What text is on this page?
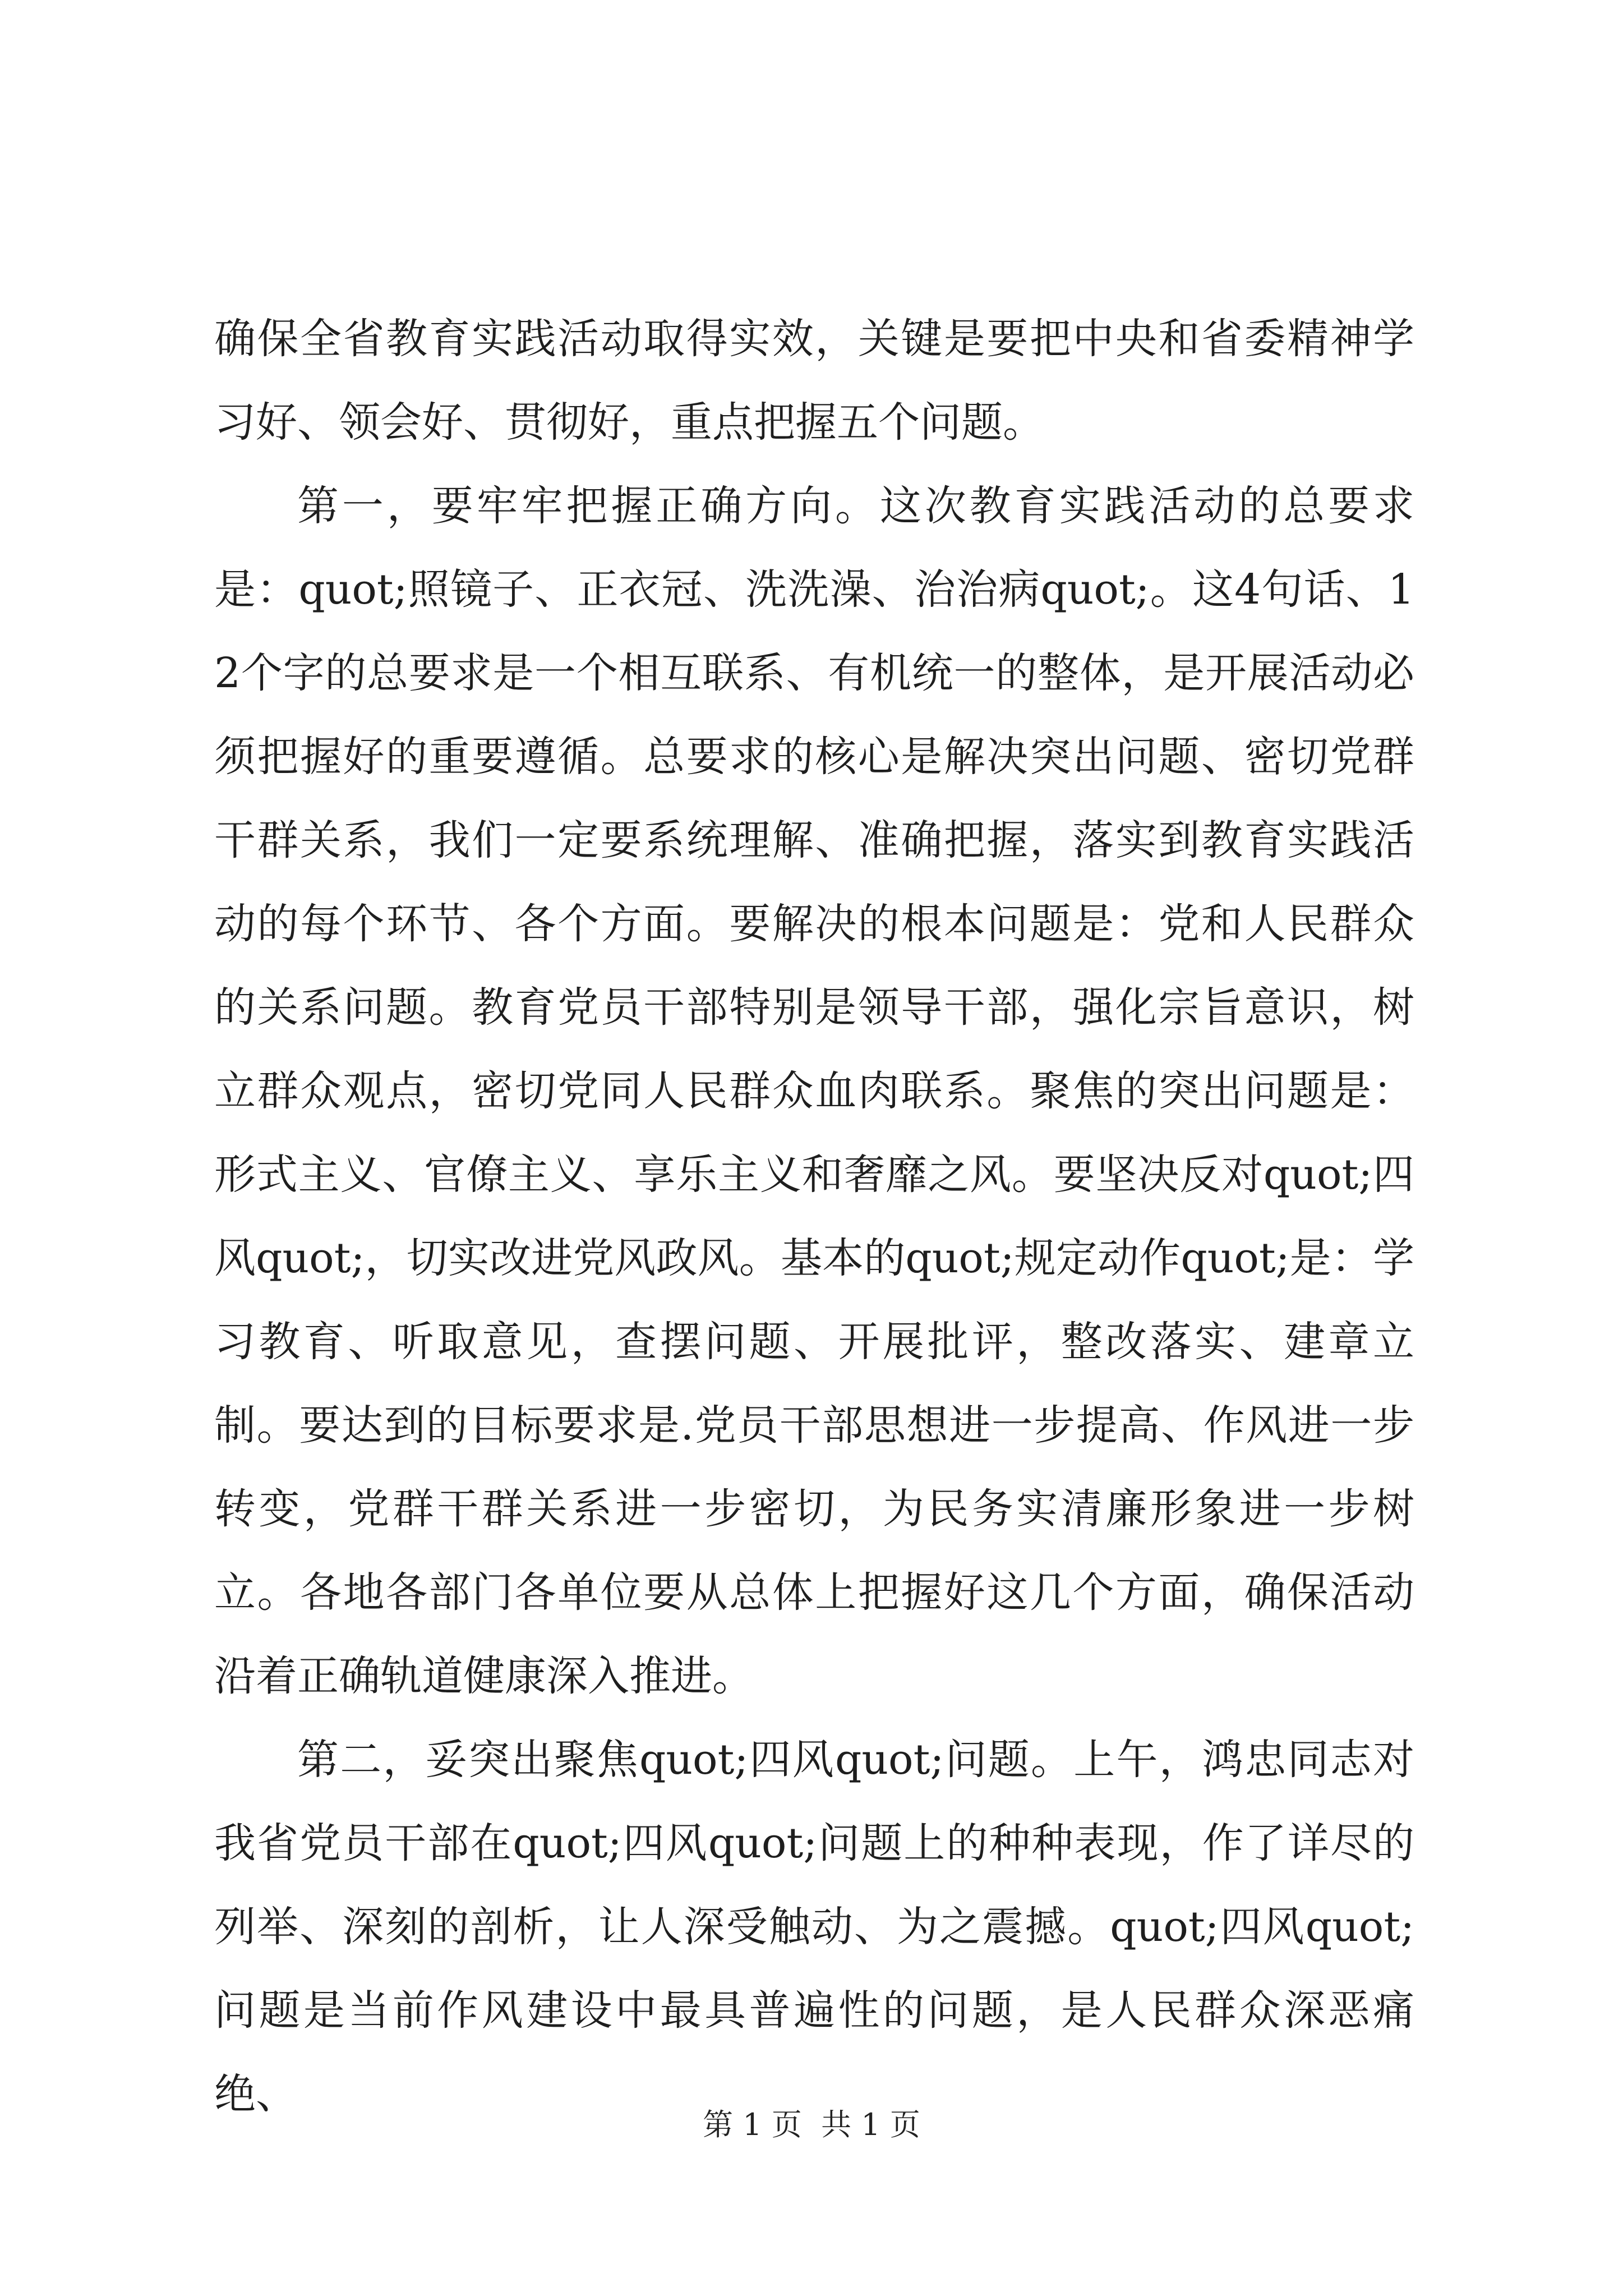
确保全省教育实践活动取得实效，关键是要把中央和省委精神学习好、领会好、贯彻好，重点把握五个问题。

第一，要牢牢把握正确方向。这次教育实践活动的总要求是：quot;照镜子、正衣冠、洗洗澡、治治病quot;。这4句话、12个字的总要求是一个相互联系、有机统一的整体，是开展活动必须把握好的重要遵循。总要求的核心是解决突出问题、密切党群干群关系，我们一定要系统理解、准确把握，落实到教育实践活动的每个环节、各个方面。要解决的根本问题是：党和人民群众的关系问题。教育党员干部特别是领导干部，强化宗旨意识，树立群众观点，密切党同人民群众血肉联系。聚焦的突出问题是：形式主义、官僚主义、享乐主义和奢靡之风。要坚决反对quot;四风quot;，切实改进党风政风。基本的quot;规定动作quot;是：学习教育、听取意见，查摆问题、开展批评，整改落实、建章立制。要达到的目标要求是.党员干部思想进一步提高、作风进一步转变，党群干群关系进一步密切，为民务实清廉形象进一步树立。各地各部门各单位要从总体上把握好这几个方面，确保活动沿着正确轨道健康深入推进。

第二，妥突出聚焦quot;四风quot;问题。上午，鸿忠同志对我省党员干部在quot;四风quot;问题上的种种表现，作了详尽的列举、深刻的剖析，让人深受触动、为之震撼。quot;四风quot;问题是当前作风建设中最具普遍性的问题，是人民群众深恶痛绝、

第 1 页  共 1 页
